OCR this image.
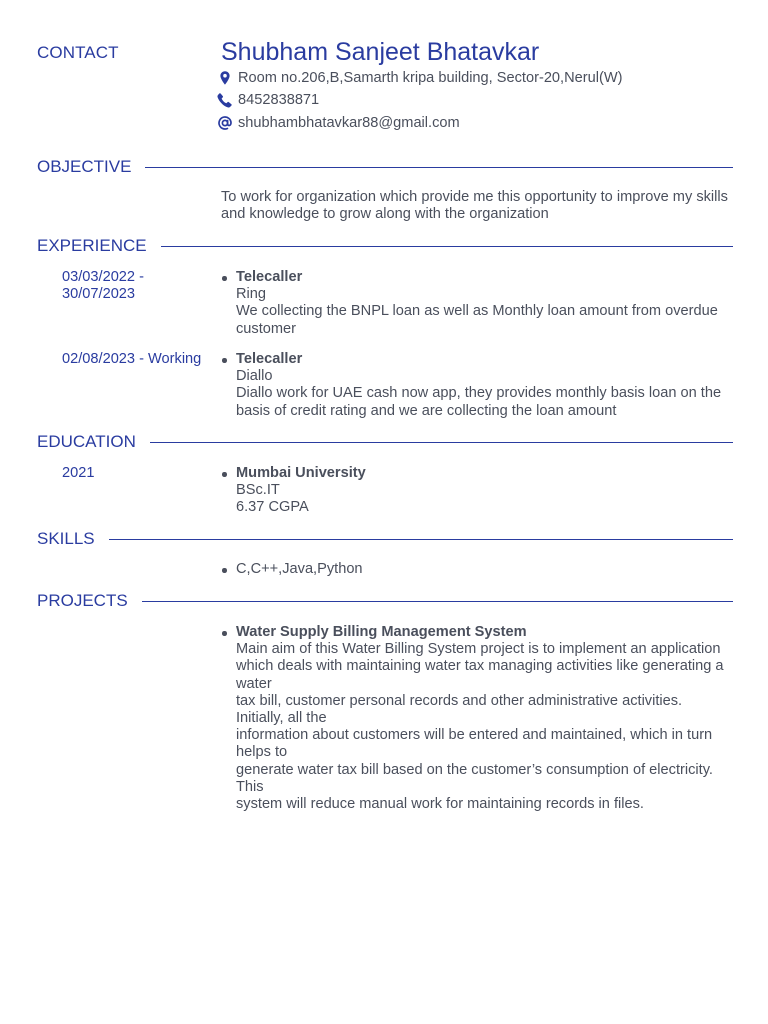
CONTACT	Shubham Sanjeet Bhatavkar
Room no.206,B,Samarth kripa building, Sector-20,Nerul(W)
8452838871
shubhambhatavkar88@gmail.com
OBJECTIVE
To work for organization which provide me this opportunity to improve my skills and knowledge to grow along with the organization
EXPERIENCE
03/03/2022 - 30/07/2023
Telecaller
Ring
We collecting the BNPL loan as well as Monthly loan amount from overdue customer
02/08/2023 - Working Telecaller
Diallo
Diallo work for UAE cash now app, they provides monthly basis loan on the basis of credit rating and we are collecting the loan amount
EDUCATION
2021	Mumbai University
BSc.IT
6.37 CGPA
SKILLS
C,C++,Java,Python
PROJECTS
Water Supply Billing Management System
Main aim of this Water Billing System project is to implement an application
which deals with maintaining water tax managing activities like generating a water
tax bill, customer personal records and other administrative activities. Initially, all the
information about customers will be entered and maintained, which in turn helps to
generate water tax bill based on the customer’s consumption of electricity. This
system will reduce manual work for maintaining records in files.
